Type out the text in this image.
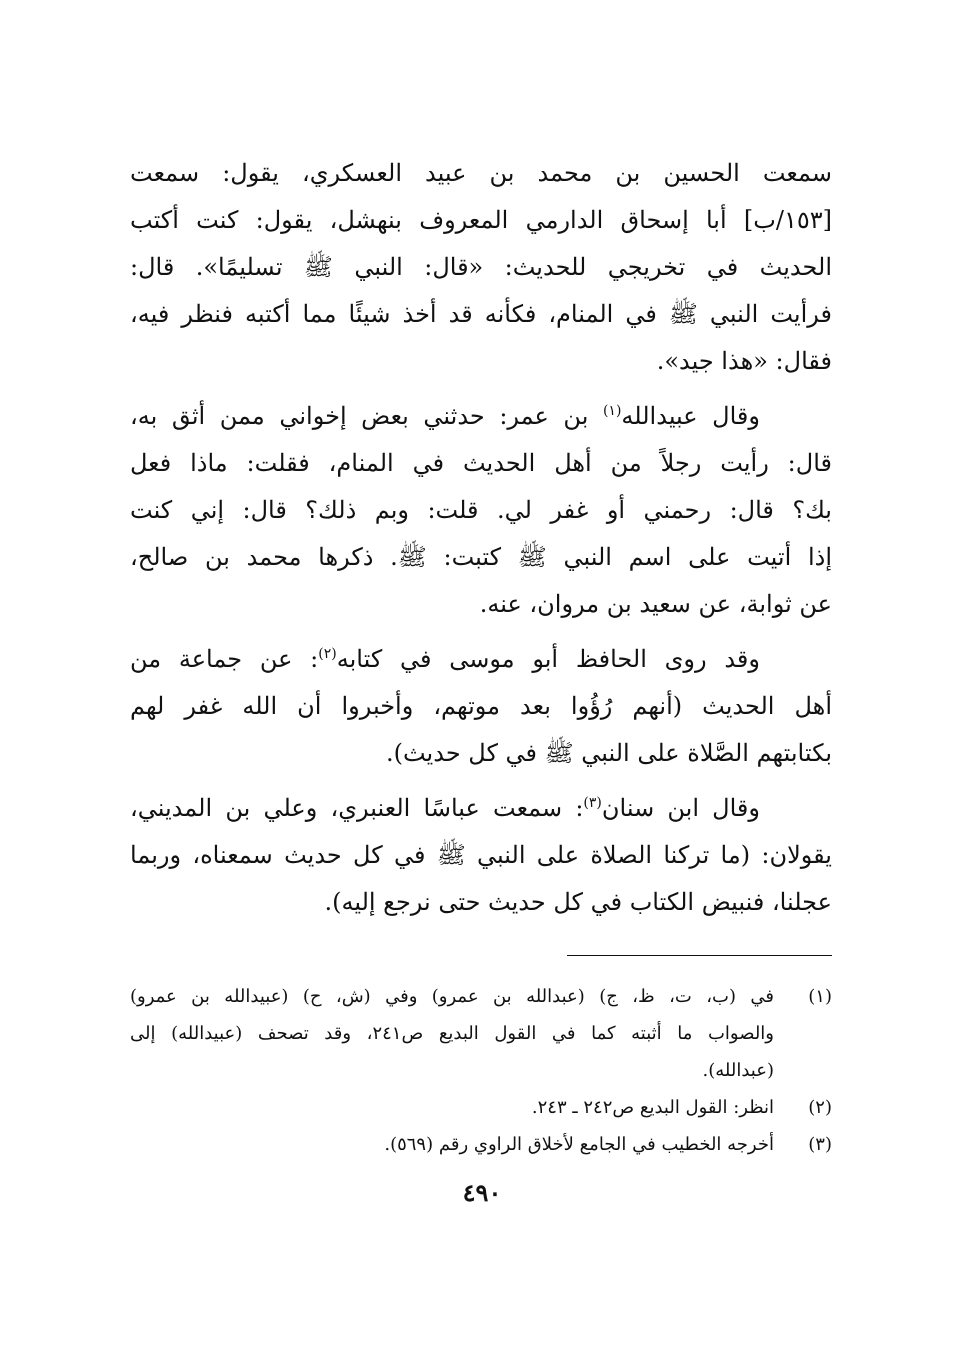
سمعت الحسين بن محمد بن عبيد العسكري، يقول: سمعت
[١٥٣/ب] أبا إسحاق الدارمي المعروف بنهشل، يقول: كنت أكتب
الحديث في تخريجي للحديث: «قال: النبي ﷺ تسليمًا». قال:
فرأيت النبي ﷺ في المنام، فكأنه قد أخذ شيئًا مما أكتبه فنظر فيه،
فقال: «هذا جيد».
وقال عبيدالله$^{(١)}$ بن عمر: حدثني بعض إخواني ممن أثق به،
قال: رأيت رجلاً من أهل الحديث في المنام، فقلت: ماذا فعل
بك؟ قال: رحمني أو غفر لي. قلت: وبم ذلك؟ قال: إني كنت
إذا أتيت على اسم النبي ﷺ كتبت: ﷺ. ذكرها محمد بن صالح،
عن ثوابة، عن سعيد بن مروان، عنه.
وقد روى الحافظ أبو موسى في كتابه$^{(٢)}$: عن جماعة من
أهل الحديث (أنهم رُؤُوا بعد موتهم، وأخبروا أن الله غفر لهم
بكتابتهم الصَّلاة على النبي ﷺ في كل حديث).
وقال ابن سنان$^{(٣)}$: سمعت عباسًا العنبري، وعلي بن المديني،
يقولان: (ما تركنا الصلاة على النبي ﷺ في كل حديث سمعناه، وربما
عجلنا، فنبيض الكتاب في كل حديث حتى نرجع إليه).
(١)
في (ب، ت، ظ، ج) (عبدالله بن عمرو) وفي (ش، ح) (عبيدالله بن عمرو)
والصواب ما أثبته كما في القول البديع ص٢٤١، وقد تصحف (عبيدالله) إلى
(عبدالله).
(٢)
انظر: القول البديع ص٢٤٢ ـ ٢٤٣.
(٣)
أخرجه الخطيب في الجامع لأخلاق الراوي رقم (٥٦٩).
٤٩٠
